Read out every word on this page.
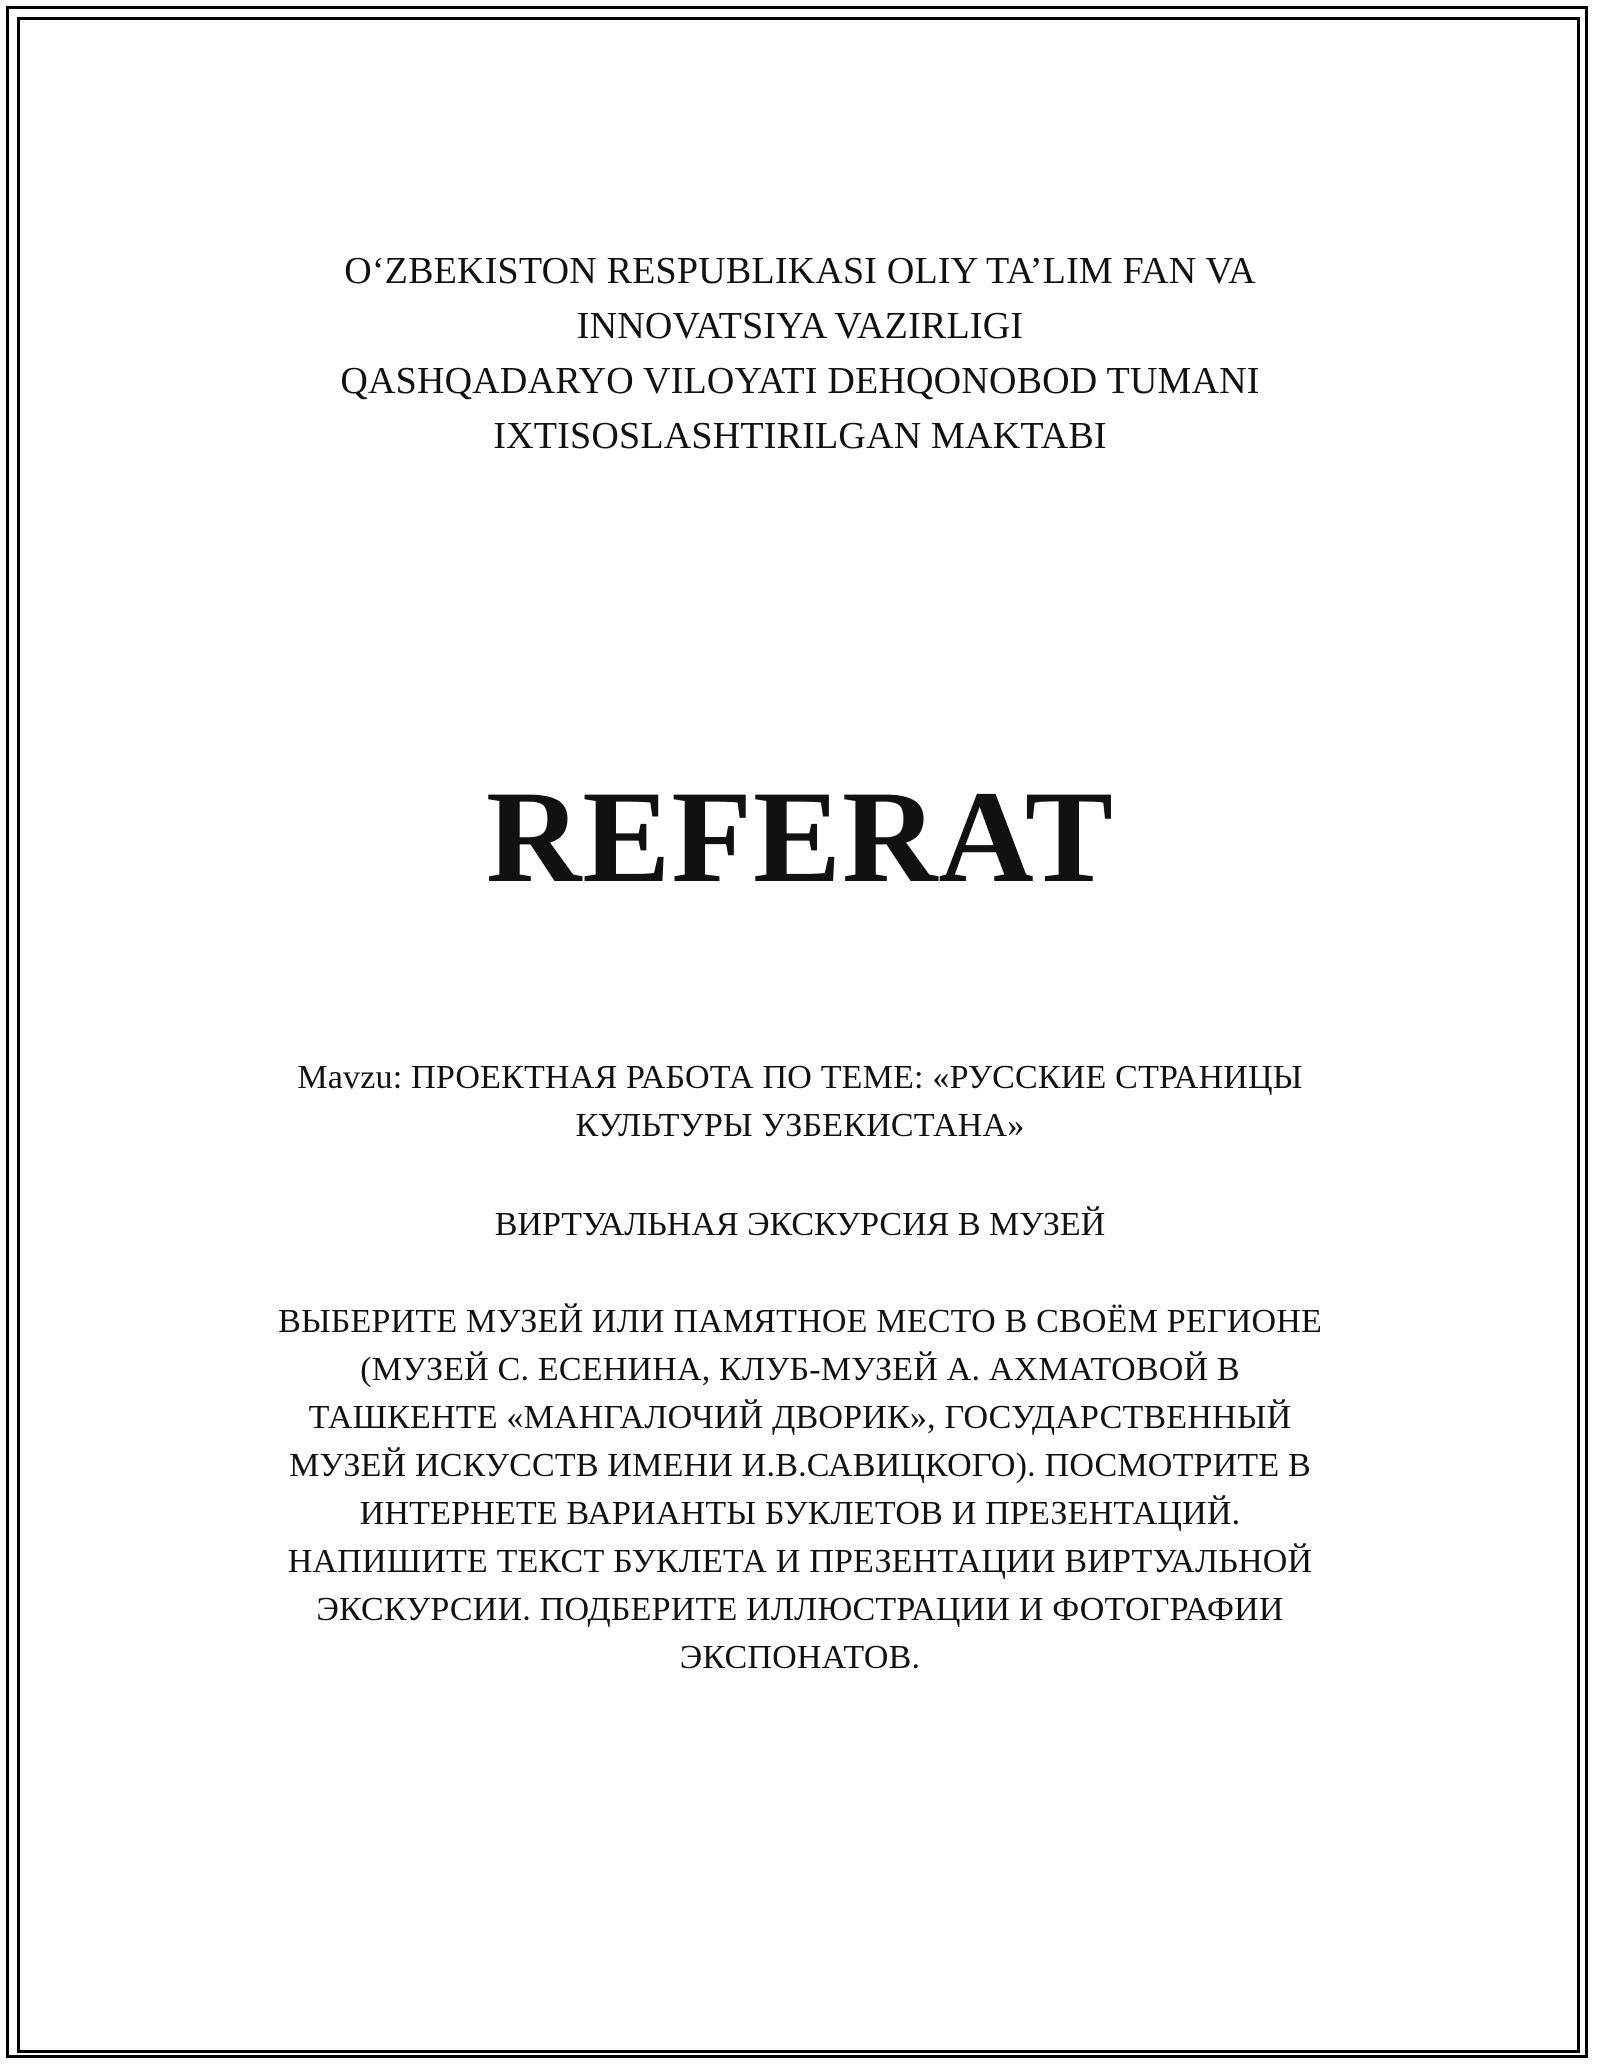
O‘ZBEKISTON RESPUBLIKASI OLIY TA’LIM FAN VA
INNOVATSIYA VAZIRLIGI
QASHQADARYO VILOYATI DEHQONOBOD TUMANI
IXTISOSLASHTIRILGAN MAKTABI
REFERAT
Mavzu: ПРОЕКТНАЯ РАБОТА ПО ТЕМЕ: «РУССКИЕ СТРАНИЦЫ
КУЛЬТУРЫ УЗБЕКИСТАНА»
ВИРТУАЛЬНАЯ ЭКСКУРСИЯ В МУЗЕЙ
ВЫБЕРИТЕ МУЗЕЙ ИЛИ ПАМЯТНОЕ МЕСТО В СВОЁМ РЕГИОНЕ
(МУЗЕЙ С. ЕСЕНИНА, КЛУБ-МУЗЕЙ А. АХМАТОВОЙ В
ТАШКЕНТЕ «МАНГАЛОЧИЙ ДВОРИК», ГОСУДАРСТВЕННЫЙ
МУЗЕЙ ИСКУССТВ ИМЕНИ И.В.САВИЦКОГО). ПОСМОТРИТЕ В
ИНТЕРНЕТЕ ВАРИАНТЫ БУКЛЕТОВ И ПРЕЗЕНТАЦИЙ.
НАПИШИТЕ ТЕКСТ БУКЛЕТА И ПРЕЗЕНТАЦИИ ВИРТУАЛЬНОЙ
ЭКСКУРСИИ. ПОДБЕРИТЕ ИЛЛЮСТРАЦИИ И ФОТОГРАФИИ
ЭКСПОНАТОВ.
